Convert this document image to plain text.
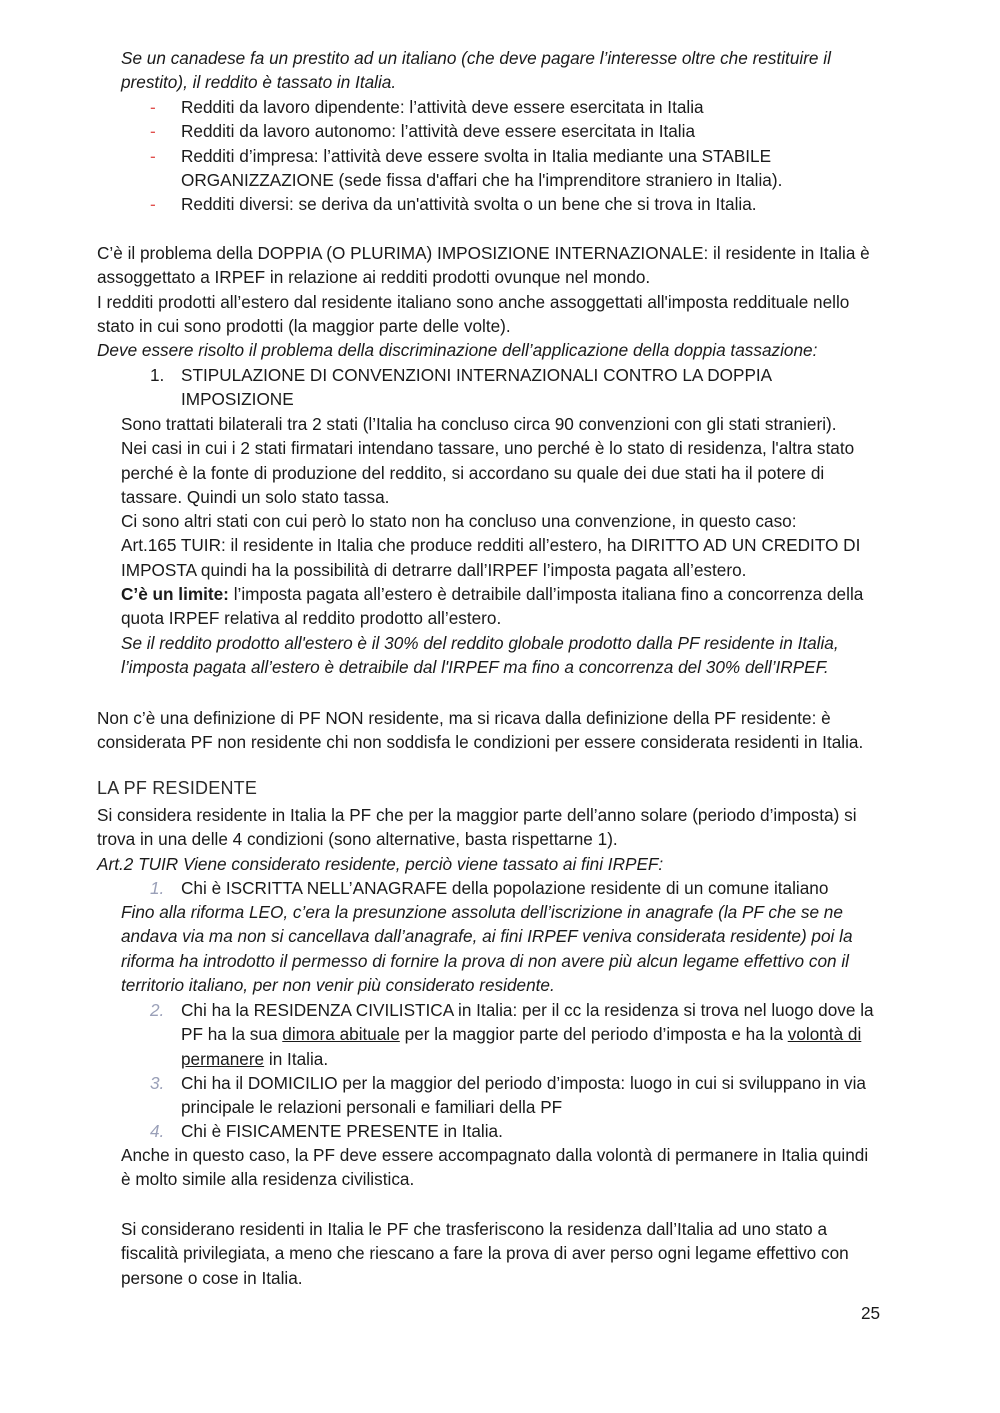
Se un canadese fa un prestito ad un italiano (che deve pagare l’interesse oltre che restituire il
prestito), il reddito è tassato in Italia.
- Redditi da lavoro dipendente: l’attività deve essere esercitata in Italia
- Redditi da lavoro autonomo: l’attività deve essere esercitata in Italia
- Redditi d’impresa: l’attività deve essere svolta in Italia mediante una STABILE
ORGANIZZAZIONE (sede fissa d'affari che ha l'imprenditore straniero in Italia).
- Redditi diversi: se deriva da un'attività svolta o un bene che si trova in Italia.
C’è il problema della DOPPIA (O PLURIMA) IMPOSIZIONE INTERNAZIONALE: il residente in Italia è
assoggettato a IRPEF in relazione ai redditi prodotti ovunque nel mondo.
I redditi prodotti all’estero dal residente italiano sono anche assoggettati all'imposta reddituale nello
stato in cui sono prodotti (la maggior parte delle volte).
Deve essere risolto il problema della discriminazione dell’applicazione della doppia tassazione:
1. STIPULAZIONE DI CONVENZIONI INTERNAZIONALI CONTRO LA DOPPIA
IMPOSIZIONE
Sono trattati bilaterali tra 2 stati (l’Italia ha concluso circa 90 convenzioni con gli stati stranieri).
Nei casi in cui i 2 stati firmatari intendano tassare, uno perché è lo stato di residenza, l'altra stato
perché è la fonte di produzione del reddito, si accordano su quale dei due stati ha il potere di
tassare. Quindi un solo stato tassa.
Ci sono altri stati con cui però lo stato non ha concluso una convenzione, in questo caso:
Art.165 TUIR: il residente in Italia che produce redditi all’estero, ha DIRITTO AD UN CREDITO DI
IMPOSTA quindi ha la possibilità di detrarre dall’IRPEF l’imposta pagata all’estero.
C’è un limite: l’imposta pagata all’estero è detraibile dall’imposta italiana fino a concorrenza della
quota IRPEF relativa al reddito prodotto all’estero.
Se il reddito prodotto all'estero è il 30% del reddito globale prodotto dalla PF residente in Italia,
l’imposta pagata all’estero è detraibile dal l'IRPEF ma fino a concorrenza del 30% dell’IRPEF.
Non c’è una definizione di PF NON residente, ma si ricava dalla definizione della PF residente: è
considerata PF non residente chi non soddisfa le condizioni per essere considerata residenti in Italia.
LA PF RESIDENTE
Si considera residente in Italia la PF che per la maggior parte dell’anno solare (periodo d’imposta) si
trova in una delle 4 condizioni (sono alternative, basta rispettarne 1).
Art.2 TUIR Viene considerato residente, perciò viene tassato ai fini IRPEF:
1. Chi è ISCRITTA NELL’ANAGRAFE della popolazione residente di un comune italiano
Fino alla riforma LEO, c’era la presunzione assoluta dell’iscrizione in anagrafe (la PF che se ne
andava via ma non si cancellava dall’anagrafe, ai fini IRPEF veniva considerata residente) poi la
riforma ha introdotto il permesso di fornire la prova di non avere più alcun legame effettivo con il
territorio italiano, per non venir più considerato residente.
2. Chi ha la RESIDENZA CIVILISTICA in Italia: per il cc la residenza si trova nel luogo dove la
PF ha la sua dimora abituale per la maggior parte del periodo d’imposta e ha la volontà di
permanere in Italia.
3. Chi ha il DOMICILIO per la maggior del periodo d’imposta: luogo in cui si sviluppano in via
principale le relazioni personali e familiari della PF
4. Chi è FISICAMENTE PRESENTE in Italia.
Anche in questo caso, la PF deve essere accompagnato dalla volontà di permanere in Italia quindi
è molto simile alla residenza civilistica.
Si considerano residenti in Italia le PF che trasferiscono la residenza dall’Italia ad uno stato a
fiscalità privilegiata, a meno che riescano a fare la prova di aver perso ogni legame effettivo con
persone o cose in Italia.
25
